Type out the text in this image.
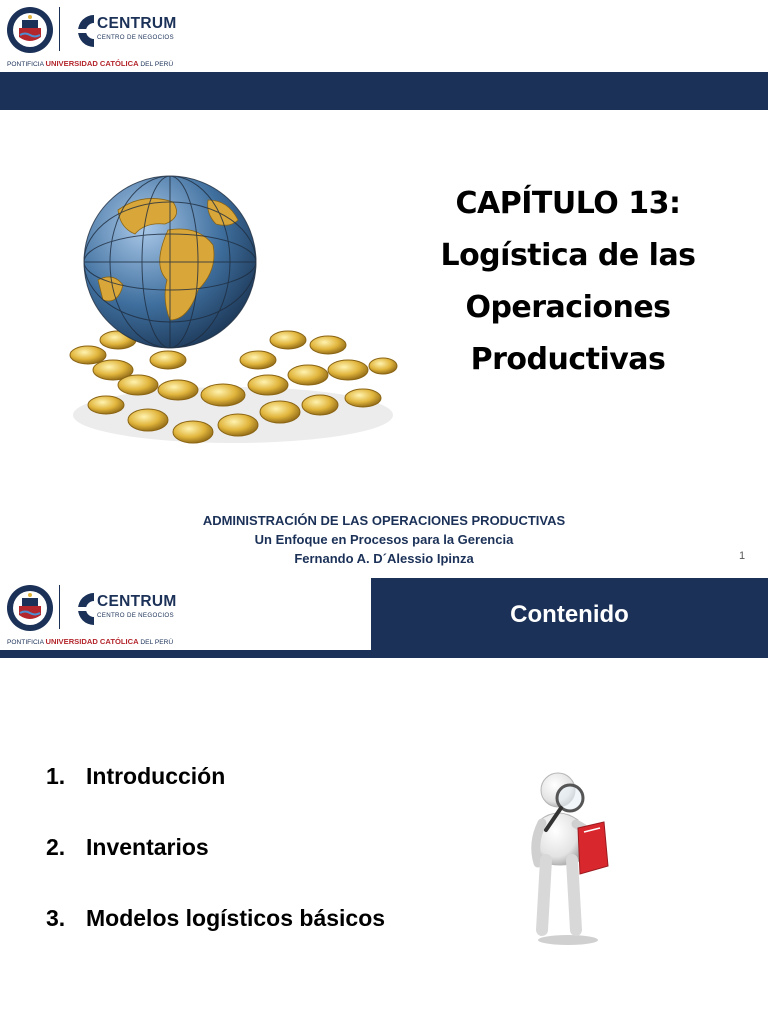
CENTRUM
CENTRO DE NEGOCIOS
PONTIFICIA UNIVERSIDAD CATÓLICA DEL PERÚ
CAPÍTULO 13:
Logística de las
Operaciones
Productivas
ADMINISTRACIÓN DE LAS OPERACIONES PRODUCTIVAS
Un Enfoque en Procesos para la Gerencia
Fernando A. D´Alessio Ipinza	1
CENTRUM
CENTRO DE NEGOCIOS
PONTIFICIA UNIVERSIDAD CATÓLICA DEL PERÚ
Contenido
1. Introducción
2. Inventarios
3. Modelos logísticos básicos
